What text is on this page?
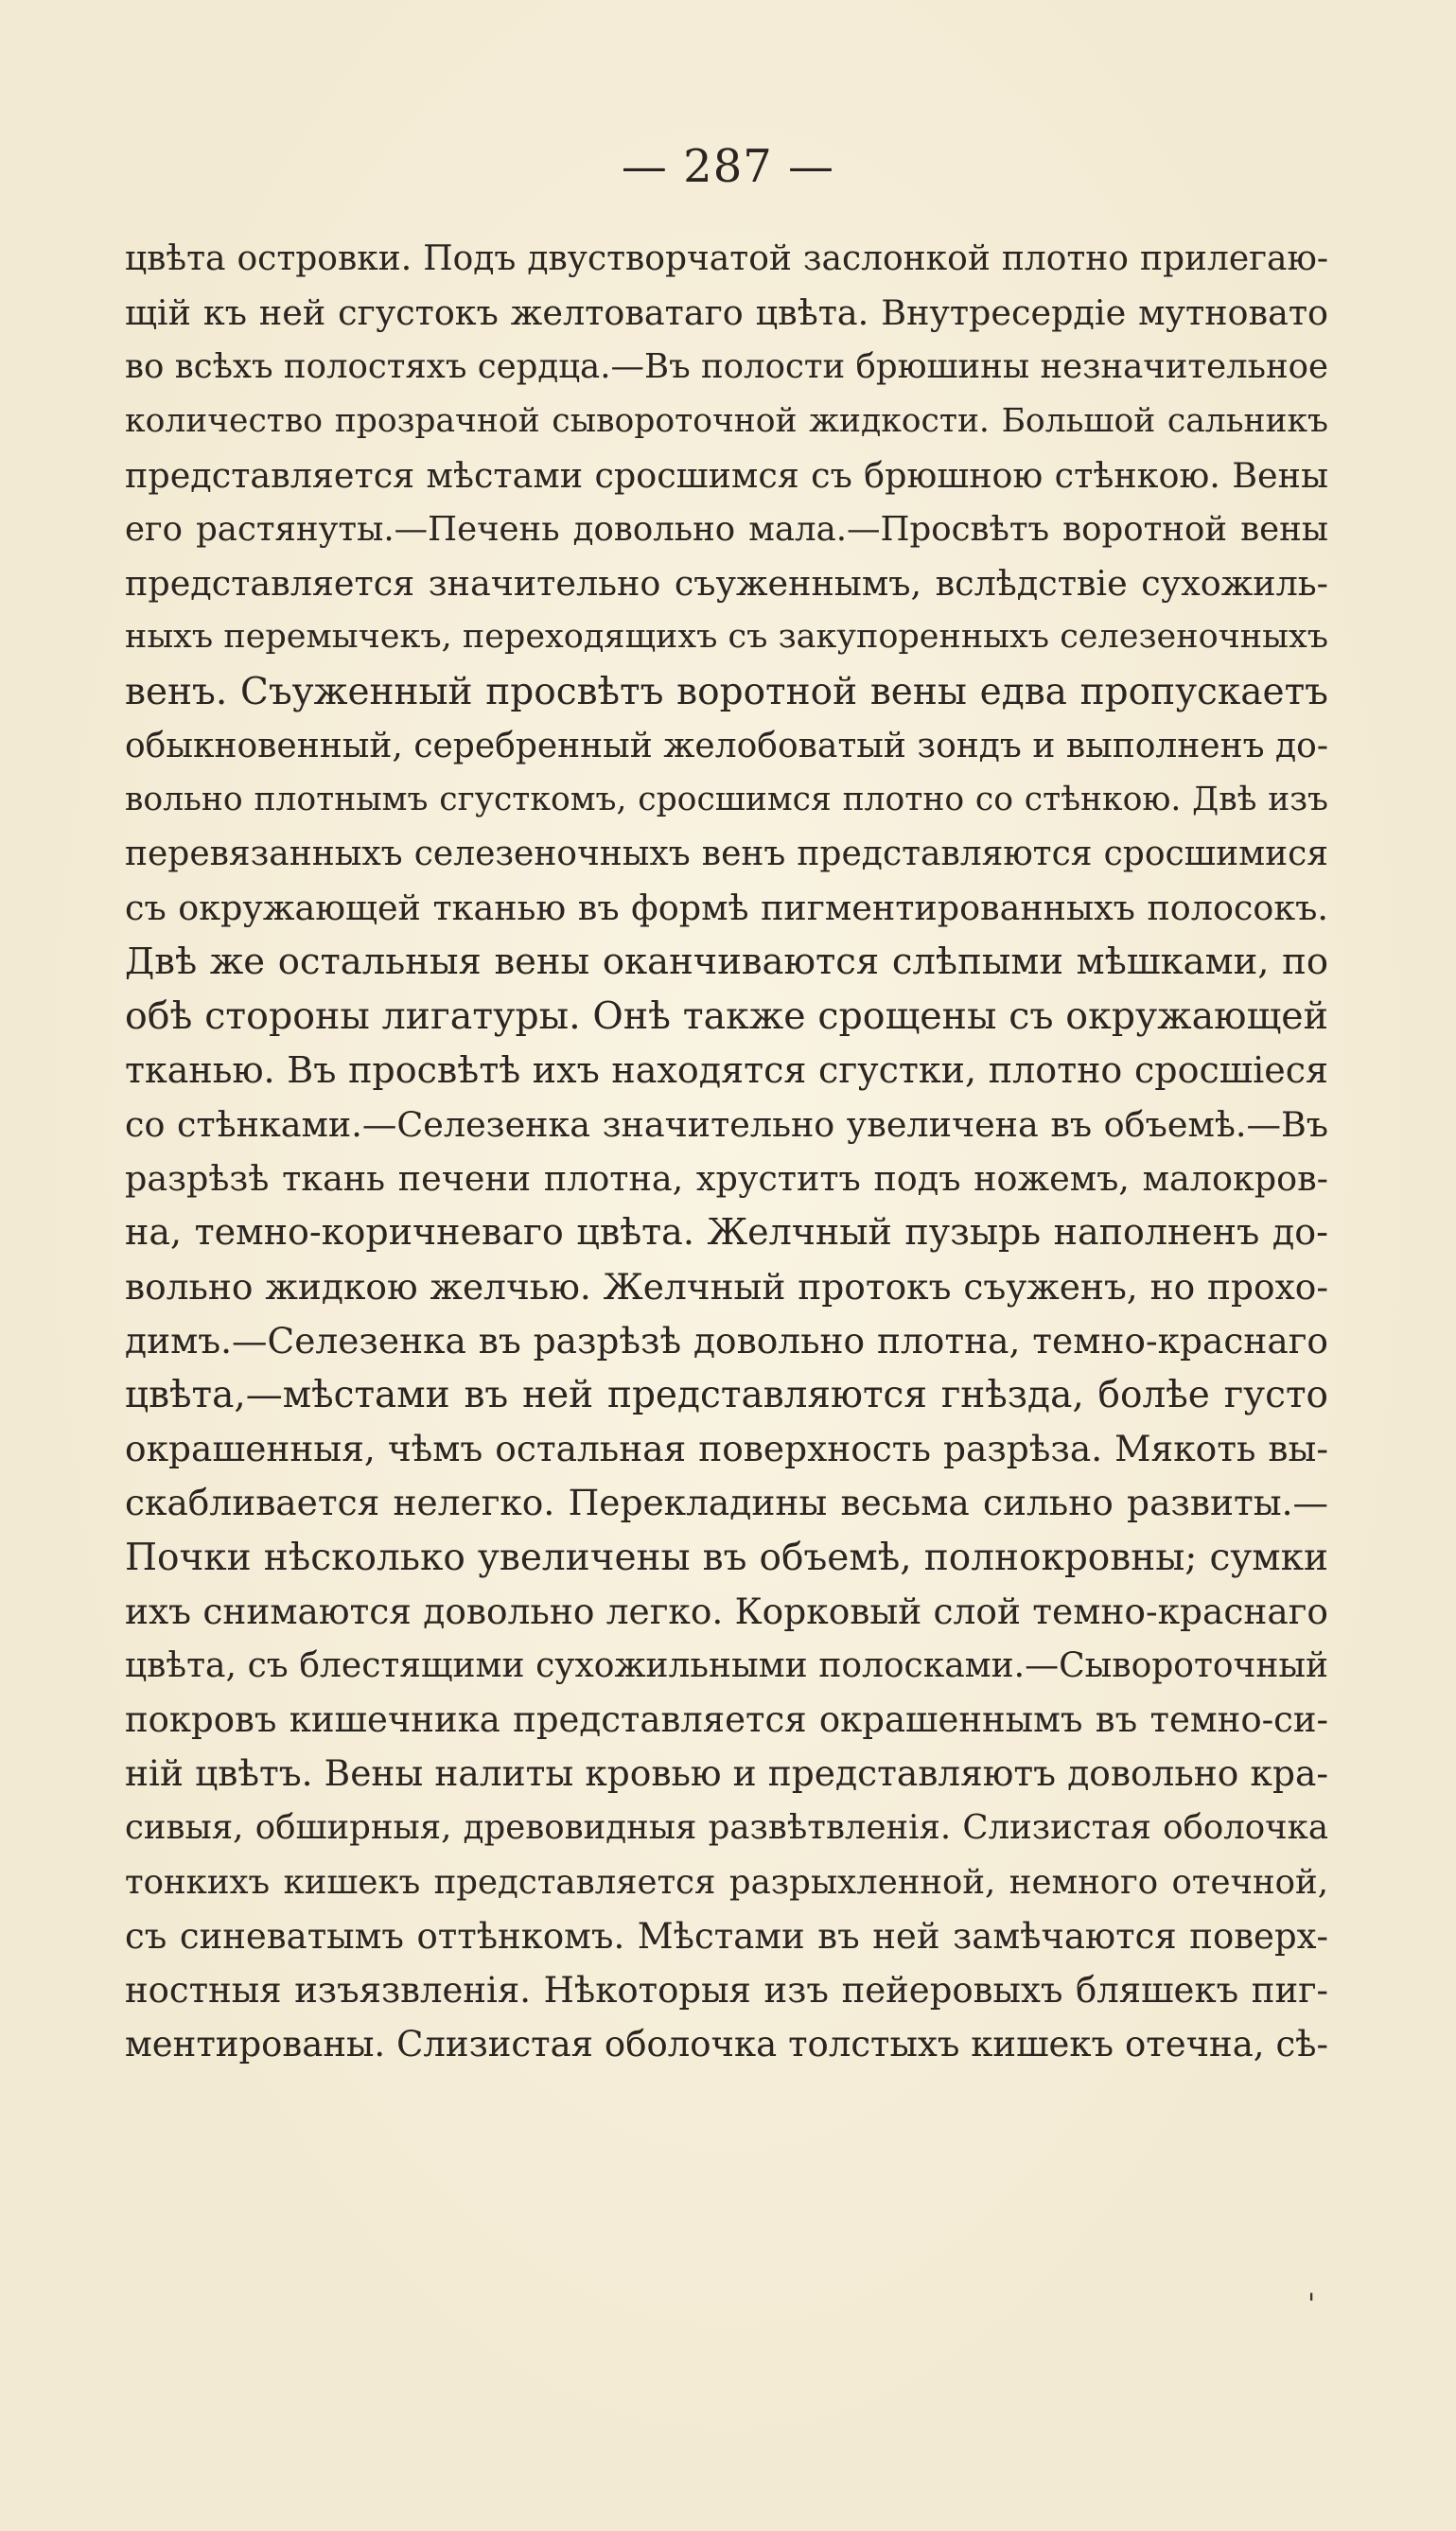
— 287 —
цвѣта островки. Подъ двустворчатой заслонкой плотно прилегаю-
щій къ ней сгустокъ желтоватаго цвѣта. Внутресердіе мутновато
во всѣхъ полостяхъ сердца.—Въ полости брюшины незначительное
количество прозрачной сывороточной жидкости. Большой сальникъ
представляется мѣстами сросшимся съ брюшною стѣнкою. Вены
его растянуты.—Печень довольно мала.—Просвѣтъ воротной вены
представляется значительно съуженнымъ, вслѣдствіе сухожиль-
ныхъ перемычекъ, переходящихъ съ закупоренныхъ селезеночныхъ
венъ. Съуженный просвѣтъ воротной вены едва пропускаетъ
обыкновенный, серебренный желобоватый зондъ и выполненъ до-
вольно плотнымъ сгусткомъ, сросшимся плотно со стѣнкою. Двѣ изъ
перевязанныхъ селезеночныхъ венъ представляются сросшимися
съ окружающей тканью въ формѣ пигментированныхъ полосокъ.
Двѣ же остальныя вены оканчиваются слѣпыми мѣшками, по
обѣ стороны лигатуры. Онѣ также срощены съ окружающей
тканью. Въ просвѣтѣ ихъ находятся сгустки, плотно сросшіеся
со стѣнками.—Селезенка значительно увеличена въ объемѣ.—Въ
разрѣзѣ ткань печени плотна, хруститъ подъ ножемъ, малокров-
на, темно-коричневаго цвѣта. Желчный пузырь наполненъ до-
вольно жидкою желчью. Желчный протокъ съуженъ, но прохо-
димъ.—Селезенка въ разрѣзѣ довольно плотна, темно-краснаго
цвѣта,—мѣстами въ ней представляются гнѣзда, болѣе густо
окрашенныя, чѣмъ остальная поверхность разрѣза. Мякоть вы-
скабливается нелегко. Перекладины весьма сильно развиты.—
Почки нѣсколько увеличены въ объемѣ, полнокровны; сумки
ихъ снимаются довольно легко. Корковый слой темно-краснаго
цвѣта, съ блестящими сухожильными полосками.—Сывороточный
покровъ кишечника представляется окрашеннымъ въ темно-си-
ній цвѣтъ. Вены налиты кровью и представляютъ довольно кра-
сивыя, обширныя, древовидныя развѣтвленія. Слизистая оболочка
тонкихъ кишекъ представляется разрыхленной, немного отечной,
съ синеватымъ оттѣнкомъ. Мѣстами въ ней замѣчаются поверх-
ностныя изъязвленія. Нѣкоторыя изъ пейеровыхъ бляшекъ пиг-
ментированы. Слизистая оболочка толстыхъ кишекъ отечна, сѣ-
'
